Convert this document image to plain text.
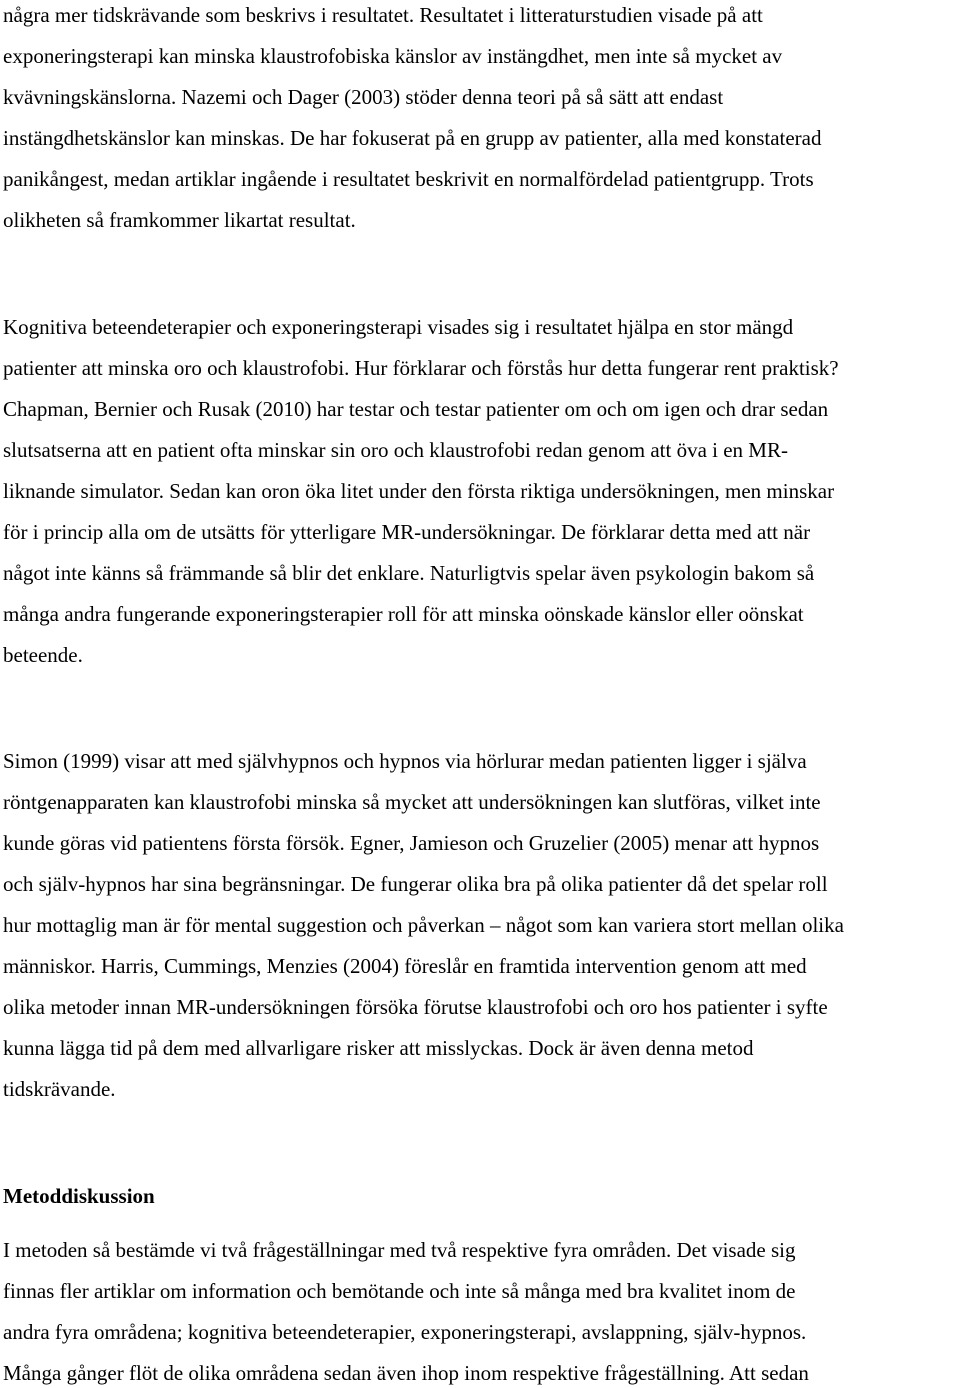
några mer tidskrävande som beskrivs i resultatet. Resultatet i litteraturstudien visade på att
exponeringsterapi kan minska klaustrofobiska känslor av instängdhet, men inte så mycket av
kvävningskänslorna. Nazemi och Dager (2003) stöder denna teori på så sätt att endast
instängdhetskänslor kan minskas. De har fokuserat på en grupp av patienter, alla med konstaterad
panikångest, medan artiklar ingående i resultatet beskrivit en normalfördelad patientgrupp. Trots
olikheten så framkommer likartat resultat.
Kognitiva beteendeterapier och exponeringsterapi visades sig i resultatet hjälpa en stor mängd
patienter att minska oro och klaustrofobi. Hur förklarar och förstås hur detta fungerar rent praktisk?
Chapman, Bernier och Rusak (2010) har testar och testar patienter om och om igen och drar sedan
slutsatserna att en patient ofta minskar sin oro och klaustrofobi redan genom att öva i en MR-
liknande simulator. Sedan kan oron öka litet under den första riktiga undersökningen, men minskar
för i princip alla om de utsätts för ytterligare MR-undersökningar. De förklarar detta med att när
något inte känns så främmande så blir det enklare. Naturligtvis spelar även psykologin bakom så
många andra fungerande exponeringsterapier roll för att minska oönskade känslor eller oönskat
beteende.
Simon (1999) visar att med självhypnos och hypnos via hörlurar medan patienten ligger i själva
röntgenapparaten kan klaustrofobi minska så mycket att undersökningen kan slutföras, vilket inte
kunde göras vid patientens första försök. Egner, Jamieson och Gruzelier (2005) menar att hypnos
och själv-hypnos har sina begränsningar. De fungerar olika bra på olika patienter då det spelar roll
hur mottaglig man är för mental suggestion och påverkan – något som kan variera stort mellan olika
människor. Harris, Cummings, Menzies (2004) föreslår en framtida intervention genom att med
olika metoder innan MR-undersökningen försöka förutse klaustrofobi och oro hos patienter i syfte
kunna lägga tid på dem med allvarligare risker att misslyckas. Dock är även denna metod
tidskrävande.
Metoddiskussion
I metoden så bestämde vi två frågeställningar med två respektive fyra områden. Det visade sig
finnas fler artiklar om information och bemötande och inte så många med bra kvalitet inom de
andra fyra områdena; kognitiva beteendeterapier, exponeringsterapi, avslappning, själv-hypnos.
Många gånger flöt de olika områdena sedan även ihop inom respektive frågeställning. Att sedan
